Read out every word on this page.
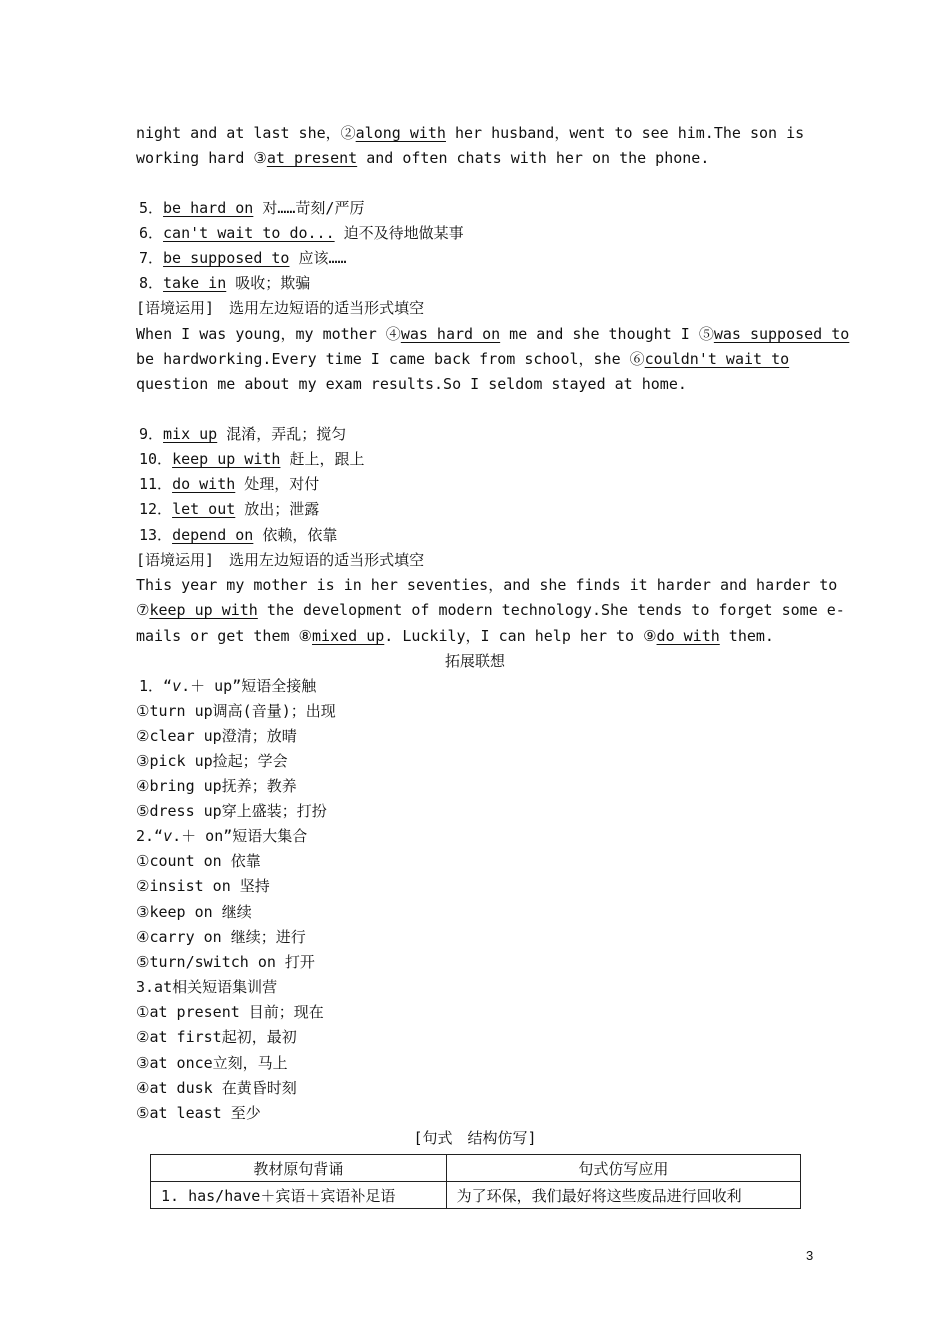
night and at last she，②along with her husband，went to see him.The son is
working hard ③at present and often chats with her on the phone.
5．be hard on 对……苛刻/严厉
6．can't wait to do... 迫不及待地做某事
7．be supposed to 应该……
8．take in 吸收；欺骗
[语境运用]　选用左边短语的适当形式填空
When I was young，my mother ④was hard on me and she thought I ⑤was supposed to
be hardworking.Every time I came back from school，she ⑥couldn't wait to
question me about my exam results.So I seldom stayed at home.
9．mix up 混淆，弄乱；搅匀
10．keep up with 赶上，跟上
11．do with 处理，对付
12．let out 放出；泄露
13．depend on 依赖，依靠
[语境运用]　选用左边短语的适当形式填空
This year my mother is in her seventies，and she finds it harder and harder to
⑦keep up with the development of modern technology.She tends to forget some e-
mails or get them ⑧mixed up. Luckily，I can help her to ⑨do with them.
拓展联想
1．“v.＋ up”短语全接触
①turn up调高(音量)；出现
②clear up澄清；放晴
③pick up捡起；学会
④bring up抚养；教养
⑤dress up穿上盛装；打扮
2.“v.＋ on”短语大集合
①count on 依靠
②insist on 坚持
③keep on 继续
④carry on 继续；进行
⑤turn/switch on 打开
3.at相关短语集训营
①at present 目前；现在
②at first起初，最初
③at once立刻，马上
④at dusk 在黄昏时刻
⑤at least 至少
[句式　结构仿写]
教材原句背诵	句式仿写应用
1. has/have＋宾语＋宾语补足语	为了环保，我们最好将这些废品进行回收利
3
